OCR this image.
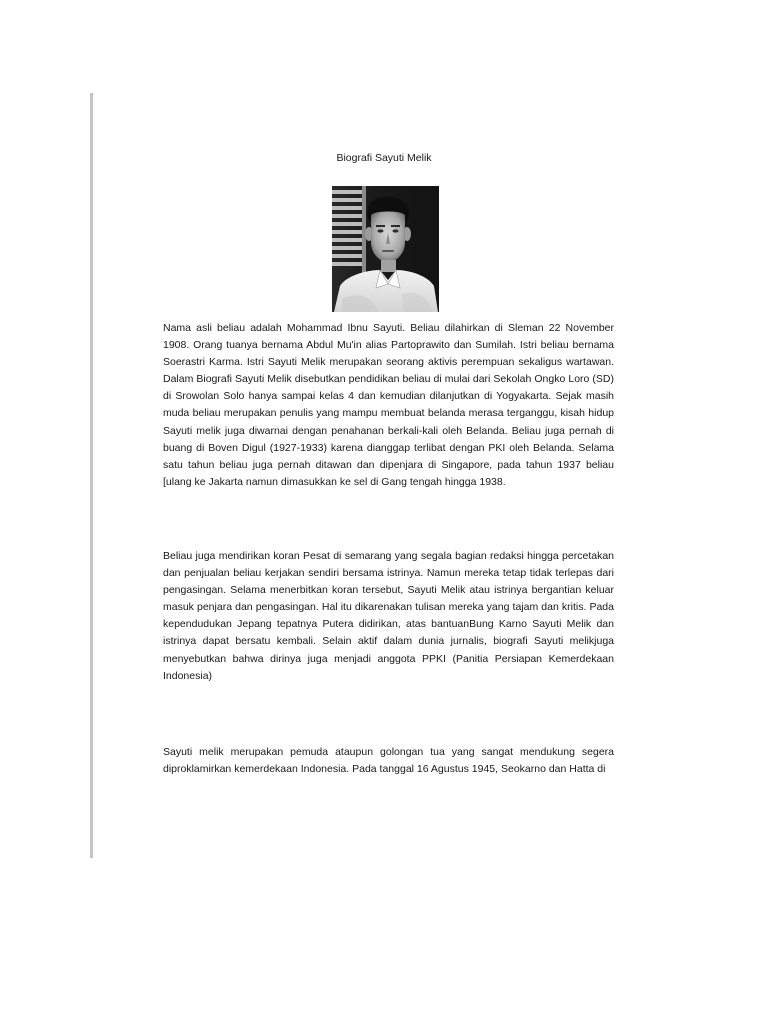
Biografi Sayuti Melik

Nama asli beliau adalah Mohammad Ibnu Sayuti. Beliau dilahirkan di Sleman 22 November 1908. Orang tuanya bernama Abdul Mu'in alias Partoprawito dan Sumilah. Istri beliau bernama Soerastri Karma. Istri Sayuti Melik merupakan seorang aktivis perempuan sekaligus wartawan. Dalam Biografi Sayuti Melik disebutkan pendidikan beliau di mulai dari Sekolah Ongko Loro (SD) di Srowolan Solo hanya sampai kelas 4 dan kemudian dilanjutkan di Yogyakarta. Sejak masih muda beliau merupakan penulis yang mampu membuat belanda merasa terganggu, kisah hidup Sayuti melik juga diwarnai dengan penahanan berkali-kali oleh Belanda. Beliau juga pernah di buang di Boven Digul (1927-1933) karena dianggap terlibat dengan PKI oleh Belanda. Selama satu tahun beliau juga pernah ditawan dan dipenjara di Singapore, pada tahun 1937 beliau [ulang ke Jakarta namun dimasukkan ke sel di Gang tengah hingga 1938.

Beliau juga mendirikan koran Pesat di semarang yang segala bagian redaksi hingga percetakan dan penjualan beliau kerjakan sendiri bersama istrinya. Namun mereka tetap tidak terlepas dari pengasingan. Selama menerbitkan koran tersebut, Sayuti Melik atau istrinya bergantian keluar masuk penjara dan pengasingan. Hal itu dikarenakan tulisan mereka yang tajam dan kritis. Pada kependudukan Jepang tepatnya Putera didirikan, atas bantuanBung Karno Sayuti Melik dan istrinya dapat bersatu kembali. Selain aktif dalam dunia jurnalis, biografi Sayuti melikjuga menyebutkan bahwa dirinya juga menjadi anggota PPKI (Panitia Persiapan Kemerdekaan Indonesia)

Sayuti melik merupakan pemuda ataupun golongan tua yang sangat mendukung segera diproklamirkan kemerdekaan Indonesia. Pada tanggal 16 Agustus 1945, Seokarno dan Hatta di
